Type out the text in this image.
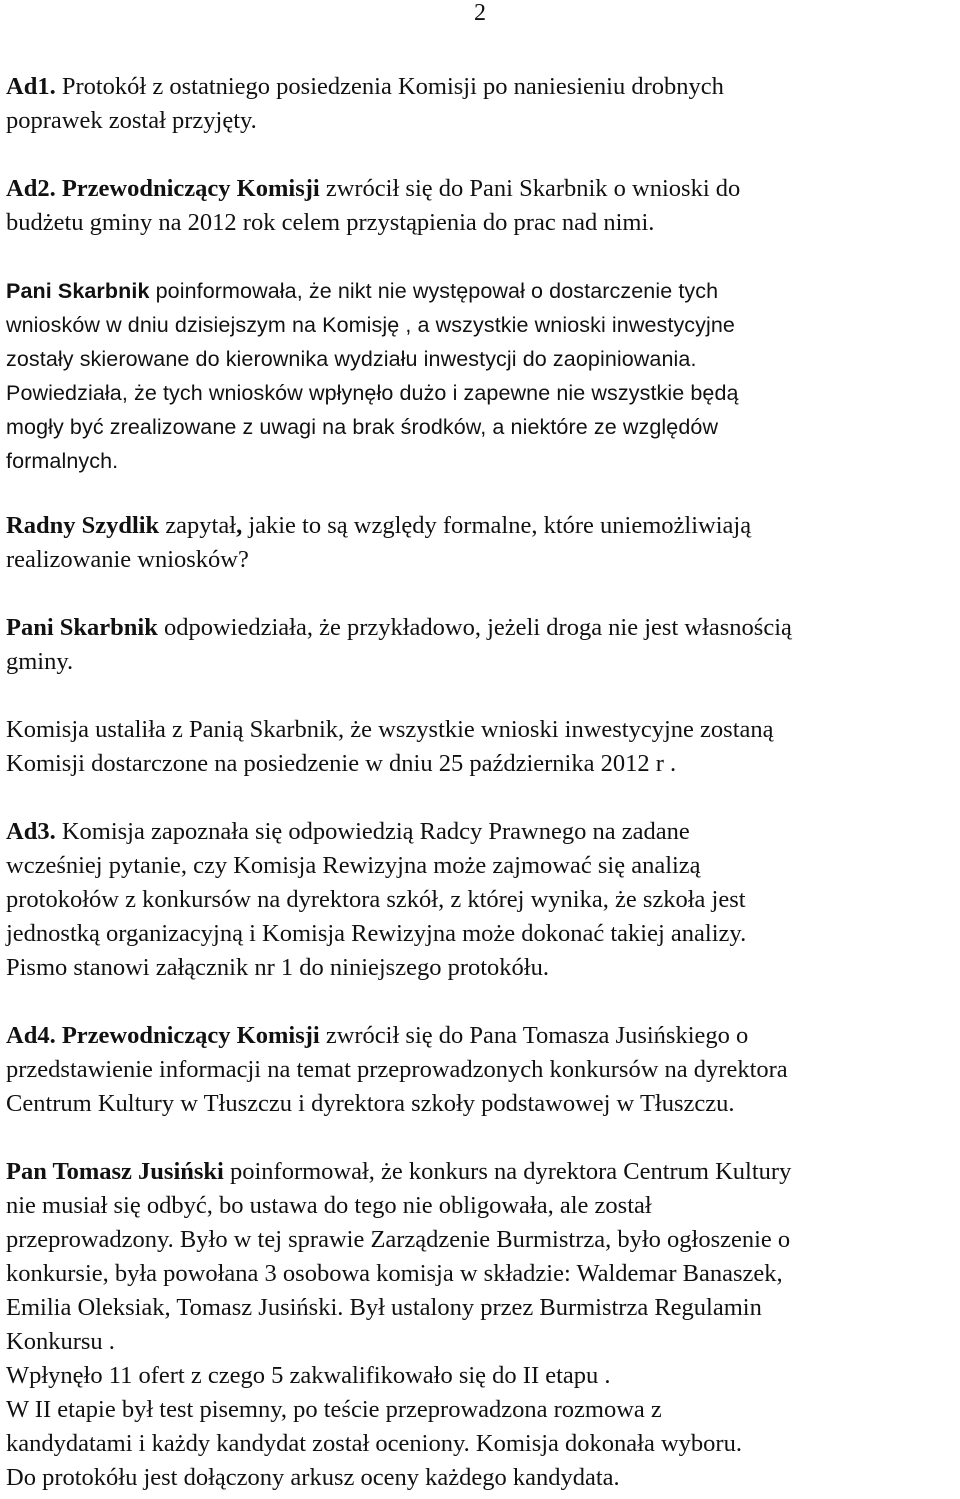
2

Ad1. Protokół z ostatniego posiedzenia Komisji po naniesieniu drobnych

poprawek został przyjęty.

Ad2. Przewodniczący Komisji zwrócił się do Pani Skarbnik o wnioski do

budżetu gminy na 2012 rok celem przystąpienia do prac nad nimi.

Pani Skarbnik poinformowała, że nikt nie występował o dostarczenie tych

wniosków w dniu dzisiejszym na Komisję , a wszystkie wnioski inwestycyjne

zostały skierowane do kierownika wydziału inwestycji do zaopiniowania.

Powiedziała, że tych wniosków wpłynęło dużo i zapewne nie wszystkie będą

mogły być zrealizowane z uwagi na brak środków, a niektóre ze względów

formalnych.

Radny Szydlik zapytał, jakie to są względy formalne, które uniemożliwiają

realizowanie wniosków?

Pani Skarbnik odpowiedziała, że przykładowo, jeżeli droga nie jest własnością

gminy.

Komisja ustaliła z Panią Skarbnik, że wszystkie wnioski inwestycyjne zostaną

Komisji dostarczone na posiedzenie w dniu 25 października 2012 r .

Ad3. Komisja zapoznała się odpowiedzią Radcy Prawnego na zadane

wcześniej pytanie, czy Komisja Rewizyjna może zajmować się analizą

protokołów z konkursów na dyrektora szkół, z której wynika, że szkoła jest

jednostką organizacyjną i Komisja Rewizyjna może dokonać takiej analizy.

Pismo stanowi załącznik nr 1 do niniejszego protokółu.

Ad4. Przewodniczący Komisji zwrócił się do Pana Tomasza Jusińskiego o

przedstawienie informacji na temat przeprowadzonych konkursów na dyrektora

Centrum Kultury w Tłuszczu i dyrektora szkoły podstawowej w Tłuszczu.

Pan Tomasz Jusiński poinformował, że konkurs na dyrektora Centrum Kultury

nie musiał się odbyć, bo ustawa do tego nie obligowała, ale został

przeprowadzony. Było w tej sprawie Zarządzenie Burmistrza, było ogłoszenie o

konkursie, była powołana 3 osobowa komisja w składzie: Waldemar Banaszek,

Emilia Oleksiak, Tomasz Jusiński. Był ustalony przez Burmistrza Regulamin

Konkursu .

Wpłynęło 11 ofert z czego 5 zakwalifikowało się do II etapu .

W II etapie był test pisemny, po teście przeprowadzona rozmowa z

kandydatami i każdy kandydat został oceniony. Komisja dokonała wyboru.

Do protokółu jest dołączony arkusz oceny każdego kandydata.
